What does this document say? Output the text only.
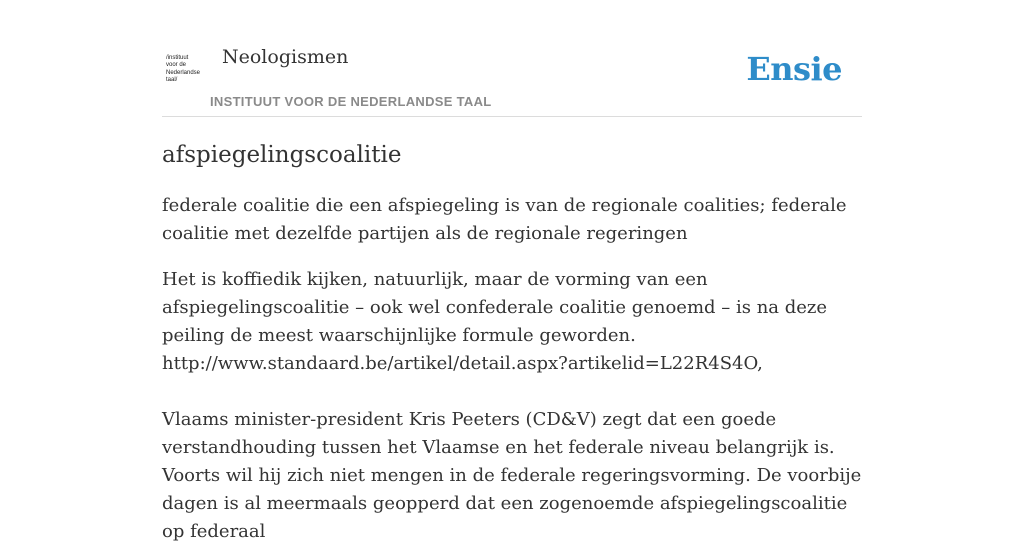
/instituut
voor de
Nederlandse
taal/
Neologismen
INSTITUUT VOOR DE NEDERLANDSE TAAL
Ensie
afspiegelingscoalitie

federale coalitie die een afspiegeling is van de regionale coalities; federale coalitie met dezelfde partijen als de regionale regeringen

Het is koffiedik kijken, natuurlijk, maar de vorming van een afspiegelingscoalitie – ook wel confederale coalitie genoemd – is na deze peiling de meest waarschijnlijke formule geworden.

http://www.standaard.be/artikel/detail.aspx?artikelid=L22R4S4O,

Vlaams minister-president Kris Peeters (CD&V) zegt dat een goede verstandhouding tussen het Vlaamse en het federale niveau belangrijk is. Voorts wil hij zich niet mengen in de federale regeringsvorming. De voorbije dagen is al meermaals geopperd dat een zogenoemde afspiegelingscoalitie op federaal
